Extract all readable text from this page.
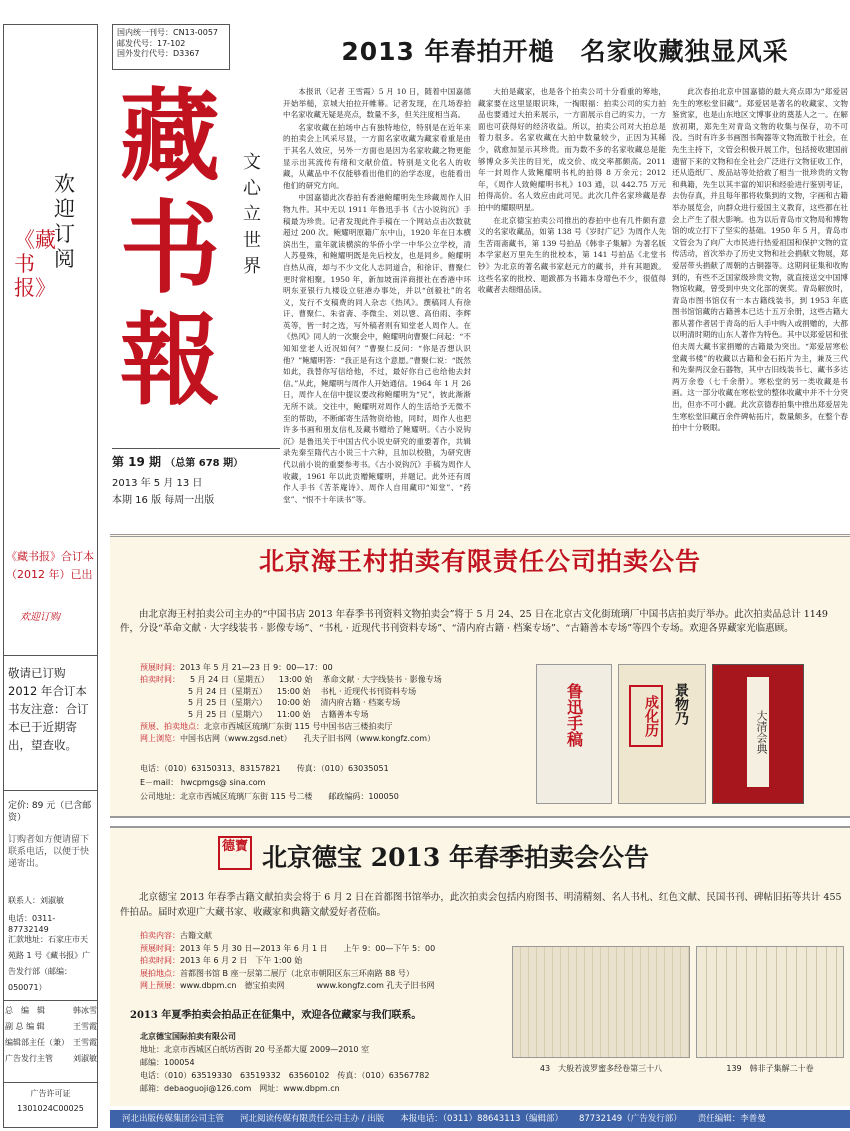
欢迎订阅
《藏书报》
《藏书报》合订本（2012 年）已出
欢迎订购
敬请已订购 2012 年合订本书友注意：合订本已于近期寄出，望查收。
定价: 89 元（已含邮资）
订购者如方便请留下联系电话，以便于快递寄出。
联系人：刘淑敏
电话：0311-87732149
汇款地址：石家庄市天苑路 1 号《藏书报》广告发行部（邮编：050071）
总　编　辑	韩冰雪
副 总 编 辑	王雪霞
编辑部主任（兼） 王雪霞
广告发行主管	刘淑敏
广告许可证
1301024C00025
国内统一刊号：CN13-0057
邮发代号：17-102
国外发行代号：D3367
藏
书
報
文心立世界
第 19 期 （总第 678 期）
2013 年 5 月 13 日
本期 16 版 每周一出版
2013 年春拍开槌　名家收藏独显风采

本报讯（记者 王雪霞）5 月 10 日，随着中国嘉德开始举槌，京城大拍拉开帷幕。记者发现，在几场春拍中名家收藏无疑是亮点，数量不多，但关注度相当高。

名家收藏在拍场中占有独特地位，特别是在近年来的拍卖会上风采尽显，一方面名家收藏为藏家看重是由于其名人效应，另外一方面也是因为名家收藏之物更能显示出其流传有绪和文献价值。特别是文化名人的收藏，从藏品中不仅能够看出他们的治学态度，也能看出他们的研究方向。

中国嘉德此次春拍有香港鲍耀明先生珍藏周作人旧物九件。其中无以 1911 年鲁迅手书《古小说钩沉》手稿最为珍贵。记者发现此件手稿在一个网站点击次数就超过 200 次。鲍耀明原籍广东中山，1920 年在日本横滨出生，童年就读横滨的华侨小学一中华公立学校，清人苏曼殊，和鲍耀明既是先后校友，也是同乡。鲍耀明自热从商，却与不少文化人志同道合，和徐讦、曹聚仁更时常相聚。1950 年，新加坡南洋商报社在香港中环明东亚银行九楼设立驻港办事处，并以“创毅社”的名义，发行不支稿费的同人杂志《热风》。撰稿同人有徐讦、曹聚仁、朱省斋、李微尘、刘以鬯、高伯雨、李辉英等，皆一时之选，写外稿者则有知堂老人周作人。在《热风》同人的一次聚会中，鲍耀明向曹聚仁问起：“不知知堂老人近况如何？”曹聚仁反问：“你是否想认识他？”鲍耀明答：“我正是有这个意愿。”曹聚仁说：“既然如此，我替你写信给他，不过，最好你自己也给他去封信。”从此，鲍耀明与周作人开始通信。1964 年 1 月 26 日，周作人在信中提议要改称鲍耀明为“兄”，彼此渐渐无所不谈。交往中，鲍耀明对周作人的生活给予无微不至的帮助，不断邮寄生活物资给他，同时，周作人也把许多书画和朋友信札及藏书赠给了鲍耀明。《古小说钩沉》是鲁迅关于中国古代小说史研究的重要著作，共辑录先秦至隋代古小说三十六种，且加以校勘，为研究唐代以前小说的重要参考书。《古小说钩沉》手稿为周作人收藏，1961 年以此贡赠鲍耀明，并题记。此外还有周作人手书《苦茶庵诗》、周作人自用藏印“知堂”、“药堂”、“恨不十年读书”等。

大拍是藏家，也是各个拍卖公司十分看重的筹地，藏家要在这里显眼识珠，一掏眼福：拍卖公司的实力拍品也要通过大拍来展示，一方面展示自己的实力，一方面也可获得好的经济收益。所以，拍卖公司对大拍总是着力很多。名家收藏在大拍中数量较少，正因为其稀少，就愈加显示其珍贵。而为数不多的名家收藏总是能够博众多关注的目光，成交价、成交率都颇高。2011 年一封周作人致鲍耀明书札的拍得 8 万余元；2012 年，《周作人致鲍耀明书札》103 通，以 442.75 万元拍得高价。名人效应由此可见。此次几件名家珍藏是春拍中的耀眼明星。

在北京德宝拍卖公司推出的春拍中也有几件颇有意义的名家收藏品，如第 138 号《岁时广记》为周作人先生苦雨斋藏书，第 139 号拍品《韩非子集解》为著名版本学家赵万里先生的批校本，第 141 号拍品《北堂书钞》为北京的著名藏书家赵元方的藏书，并有其题跋。这些名家的批校、题跋都为书籍本身增色不少，很值得收藏者去细细品读。

此次春拍北京中国嘉德的最大亮点即为“郑爱居先生的寒松堂旧藏”。郑爱居是著名的收藏家、文物鉴赏家，也是山东地区文博事业的奠基人之一。在解放初期，郑先生对青岛文物的收集与保存，功不可没。当时有许多书画图书陶器等文物流散于社会，在先生主持下，文管会积极开展工作，包括接收建国前遗留下来的文物和在全社会广泛进行文物征收工作，还从造纸厂、废品站等处拾救了相当一批珍贵的文物和典籍，先生以其丰富的知识和经验进行鉴别考证，去伪存真，并且每年都将收集到的文物，字画和古籍举办展览会，向群众进行爱国主义教育，这些都在社会上产生了很大影响。也为以后青岛市文物局和博物馆的成立打下了坚实的基础。1950 年 5 月，青岛市文管会为了向广大市民进行热爱祖国和保护文物的宣传活动，首次举办了历史文物和社会捐献文物展，郑爱居带头捐献了周朝的古铜器等。这期间征集和收购到的，有些不乏国家级珍贵文物，就直接送交中国博物馆收藏，曾受到中央文化部的褒奖。青岛解放时，青岛市图书馆仅有一本古籍线装书，到 1953 年底图书馆馆藏的古籍善本已达十五万余册，这些古籍大都从著作者居于青岛的后人手中购入或捐赠的，大都以明清时期的山东人著作为特色。其中以郑爱居和张伯夫周大藏书家捐赠的古籍最为突出。“郑爱居寒松堂藏书楼”的收藏以古籍和金石拓片为主，兼及三代和先秦两汉金石器物，其中古旧线装书七、藏书多达两万余卷（七千余册）。寒松堂的另一类收藏是书画。这一部分收藏在寒松堂的整体收藏中并不十分突出，但亦不可小觑。此次京德春拍集中推出郑爱居先生寒松堂旧藏百余件碑帖拓片，数量颇多，在整个春拍中十分吸眼。

北京海王村拍卖有限责任公司拍卖公告
由北京海王村拍卖公司主办的“中国书店 2013 年春季书刊资料文物拍卖会”将于 5 月 24、25 日在北京古文化街琉璃厂中国书店拍卖厅举办。此次拍卖品总计 1149 件，分设“革命文献 · 大字线装书 · 影像专场”、“书札 · 近现代书刊资料专场”、“清内府古籍 · 档案专场”、“古籍善本专场”等四个专场。欢迎各界藏家光临惠顾。
预展时间：2013 年 5 月 21—23 日 9：00—17：00
拍卖时间： 5 月 24 日（星期五） 13:00 始 革命文献 · 大字线装书 · 影像专场
5 月 24 日（星期五） 15:00 始 书札 · 近现代书刊资料专场
5 月 25 日（星期六） 10:00 始 清内府古籍 · 档案专场
5 月 25 日（星期六） 11:00 始 古籍善本专场
预展、拍卖地点：北京市西城区琉璃厂东街 115 号中国书店三楼拍卖厅
网上浏览：中国书店网（www.zgsd.net）　　孔夫子旧书网（www.kongfz.com）
电话：（010）63150313、83157821　　传真：（010）63035051
E－mail： hwcpmgs@ sina.com
公司地址：北京市西城区琉璃厂东街 115 号二楼　　邮政编码：100050
鲁迅手稿	成化历 景物乃
大清会典
德寶 北京德宝 2013 年春季拍卖会公告
北京德宝 2013 年春季古籍文献拍卖会将于 6 月 2 日在首都图书馆举办，此次拍卖会包括内府图书、明清精刻、名人书札、红色文献、民国书刊、碑帖旧拓等共计 455 件拍品。届时欢迎广大藏书家、收藏家和典籍文献爱好者莅临。
拍卖内容：古籍文献
预展时间：2013 年 5 月 30 日—2013 年 6 月 1 日　　上午 9：00—下午 5：00
拍卖时间：2013 年 6 月 2 日　下午 1:00 始
展拍地点：首都图书馆 B 座一层第二展厅（北京市朝阳区东三环南路 88 号）
网上预展：www.dbpm.cn　德宝拍卖网　　　　www.kongfz.com 孔夫子旧书网
2013 年夏季拍卖会拍品正在征集中，欢迎各位藏家与我们联系。
北京德宝国际拍卖有限公司
地址：北京市西城区白纸坊西街 20 号圣都大厦 2009—2010 室
邮编：100054
电话：（010）63519330　63519332　63560102　传真：（010）63567782
邮箱：debaoguoji@126.com　网址：www.dbpm.cn
43　大般若波罗蜜多经卷第三十八	139　韩非子集解二十卷
河北出版传媒集团公司主管 河北阅读传媒有限责任公司主办 / 出版 本报电话：（0311）88643113（编辑部） 87732149（广告发行部） 责任编辑：李普曼
